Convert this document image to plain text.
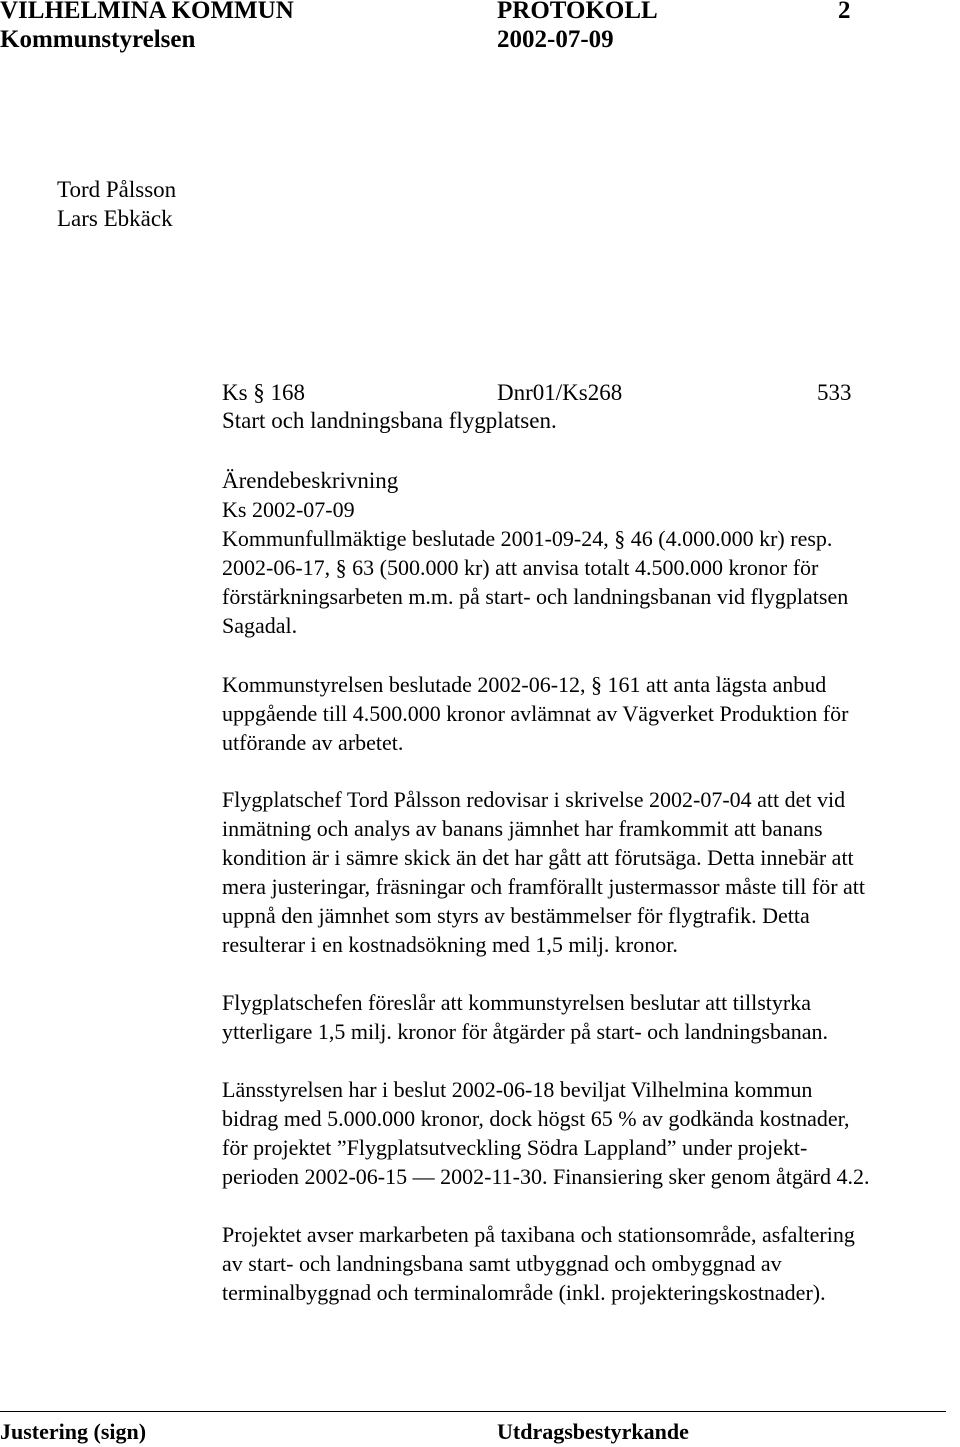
VILHELMINA KOMMUN	PROTOKOLL	2
Kommunstyrelsen	2002-07-09
Tord Pålsson
Lars Ebkäck
Ks § 168	Dnr01/Ks268	533
Start och landningsbana flygplatsen.
Ärendebeskrivning
Ks 2002-07-09
Kommunfullmäktige beslutade 2001-09-24, § 46 (4.000.000 kr) resp.
2002-06-17, § 63 (500.000 kr) att anvisa totalt 4.500.000 kronor för
förstärkningsarbeten m.m. på start- och landningsbanan vid flygplatsen
Sagadal.
Kommunstyrelsen beslutade 2002-06-12, § 161 att anta lägsta anbud
uppgående till 4.500.000 kronor avlämnat av Vägverket Produktion för
utförande av arbetet.
Flygplatschef Tord Pålsson redovisar i skrivelse 2002-07-04 att det vid
inmätning och analys av banans jämnhet har framkommit att banans
kondition är i sämre skick än det har gått att förutsäga. Detta innebär att
mera justeringar, fräsningar och framförallt justermassor måste till för att
uppnå den jämnhet som styrs av bestämmelser för flygtrafik. Detta
resulterar i en kostnadsökning med 1,5 milj. kronor.
Flygplatschefen föreslår att kommunstyrelsen beslutar att tillstyrka
ytterligare 1,5 milj. kronor för åtgärder på start- och landningsbanan.
Länsstyrelsen har i beslut 2002-06-18 beviljat Vilhelmina kommun
bidrag med 5.000.000 kronor, dock högst 65 % av godkända kostnader,
för projektet ”Flygplatsutveckling Södra Lappland” under projekt-
perioden 2002-06-15 — 2002-11-30. Finansiering sker genom åtgärd 4.2.
Projektet avser markarbeten på taxibana och stationsområde, asfaltering
av start- och landningsbana samt utbyggnad och ombyggnad av
terminalbyggnad och terminalområde (inkl. projekteringskostnader).
Justering (sign)	Utdragsbestyrkande
